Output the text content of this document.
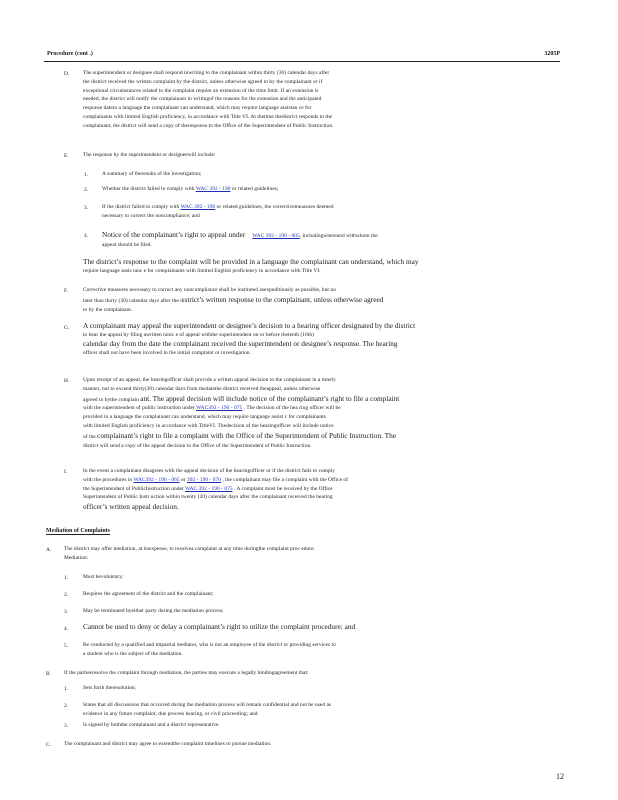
Procedure (cont .)	3205P
D.	The superintendent or designee shall respond inwriting to the complainant within thirty (30) calendar days after
the district received the written complaint by the district, unless otherwise agreed to by the complainant or if
exceptional circumstances related to the complaint require an extension of the time limit. If an extension is
needed, the district will notify the complainant in writingof the reasons for the extension and the anticipated
response datein a language the complainant can understand, which may require language assistan ce for
complainants with limited English proficiency, in accordance with Title VI. At thetime thedistrict responds to the
complainant, the district will send a copy of theresponse to the Office of the Superintendent of Public Instruction.
E.	The response by the superintendent or designeewill include:
1.	A summary of theresults of the investigation;
2.	Whether the district failed to comply with WAC 392 - 190 or related guidelines;
3.	If the district failed to comply with WAC 392 - 190 or related guidelines, the correctivemeasures deemed
necessary to correct the noncompliance; and
4. Notice of the complainant’s right to appeal under WAC 392 - 190 - 005, includingwhereand withwhom the
appeal should be filed.
The district’s response to the complaint will be provided in a language the complainant can understand, which may
require language assis tanc e for complainants with limited English proficiency in accordance with Title VI.
F.	Corrective measures necessary to correct any noncompliance shall be instituted asexpeditiously as possible, but no
later than thirty (30) calendar days after the district’s written response to the complainant, unless otherwise agreed
to by the complainant.
G. A complainant may appeal the superintendent or designee’s decision to a hearing officer designated by the district
to hear the appeal by filing awritten notic e of appeal withthe superintendent on or before thetenth (10th)
calendar day from the date the complainant received the superintendent or designee’s response. The hearing
officer shall not have been involved in the initial complaint or investigation.
H.	Upon receipt of an appeal, the hearingofficer shall provide a written appeal decision to the complainant in a timely
manner, not to exceed thirty(30) calendar days from thedatethe district received theappeal, unless otherwise
agreed to bythe complain ant. The appeal decision will include notice of the complainant’s right to file a complaint
with the superintendent of public instruction under WAC392 - 190 - 075 . The decision of the hea ring officer will be
provided in a language the complainant can understand, which may require language assist c for complainants
with limited English proficiency in accordance with TitleVI. Thedecision of the hearingofficer will include notice
of the complainant’s right to file a complaint with the Office of the Superintendent of Public Instruction. The
district will send a copy of the appeal decision to the Office of the Superintendent of Public Instruction.
I.	In the event a complainant disagrees with the appeal decision of the hearingofficer or if the district fails to comply
with the procedures in WAC392 - 190 - 065 or 392 - 190 - 070 , the complainant may file a complaint with the Office of
the Superintendent of PublicInstruction under WAC 392 - 190 - 075 . A complaint must be received by the Office
Superintendent of Public Instr uction within twenty (20) calendar days after the complainant received the hearing
officer’s written appeal decision.
Mediation of Complaints
A. The district may offer mediation, at itsexpense, to resolvea complaint at any time duringthe complaint proc edure.
Mediation:
1.	Must bevoluntary;
2.	Requires the agreement of the district and the complainant;
3.	May be terminated byeither party during the mediation process;
4. Cannot be used to deny or delay a complainant’s right to utilize the complaint procedure; and
5.	Be conducted by a qualified and impartial mediator, who is not an employee of the district or providing services to
a student who is the subject of the mediation.
B. If the partiesresolve the complaint through mediation, the parties may execute a legally bindingagreement that:
1.	Sets forth theresolution;
2.	States that all discussions that occurred during the mediation process will remain confidential and not be used as
evidence in any future complaint, due process hearing, or civil proceeding; and
3.	Is signed by boththe complainant and a district representative.
C. The complainant and district may agree to extendthe complaint timelines to pursue mediation.
12
